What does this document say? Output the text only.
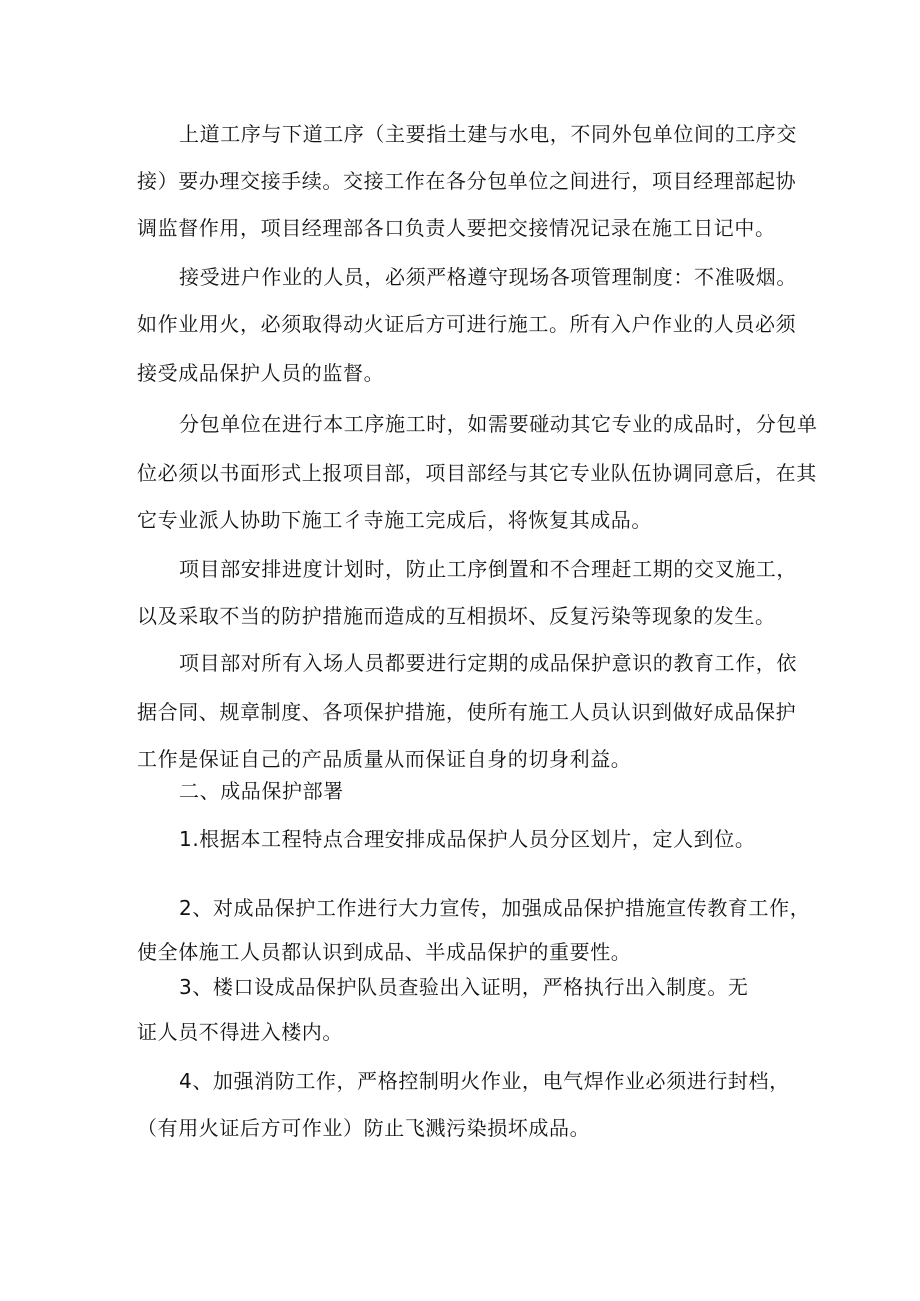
上道工序与下道工序（主要指土建与水电，不同外包单位间的工序交
接）要办理交接手续。交接工作在各分包单位之间进行，项目经理部起协
调监督作用，项目经理部各口负责人要把交接情况记录在施工日记中。
接受进户作业的人员，必须严格遵守现场各项管理制度：不准吸烟。
如作业用火，必须取得动火证后方可进行施工。所有入户作业的人员必须
接受成品保护人员的监督。
分包单位在进行本工序施工时，如需要碰动其它专业的成品时，分包单
位必须以书面形式上报项目部，项目部经与其它专业队伍协调同意后，在其
它专业派人协助下施工彳寺施工完成后，将恢复其成品。
项目部安排进度计划时，防止工序倒置和不合理赶工期的交叉施工，
以及采取不当的防护措施而造成的互相损坏、反复污染等现象的发生。
项目部对所有入场人员都要进行定期的成品保护意识的教育工作，依
据合同、规章制度、各项保护措施，使所有施工人员认识到做好成品保护
工作是保证自己的产品质量从而保证自身的切身利益。
二、成品保护部署
1.根据本工程特点合理安排成品保护人员分区划片，定人到位。
2、对成品保护工作进行大力宣传，加强成品保护措施宣传教育工作，
使全体施工人员都认识到成品、半成品保护的重要性。
3、楼口设成品保护队员查验出入证明，严格执行出入制度。无
证人员不得进入楼内。
4、加强消防工作，严格控制明火作业，电气焊作业必须进行封档，
（有用火证后方可作业）防止飞溅污染损坏成品。
